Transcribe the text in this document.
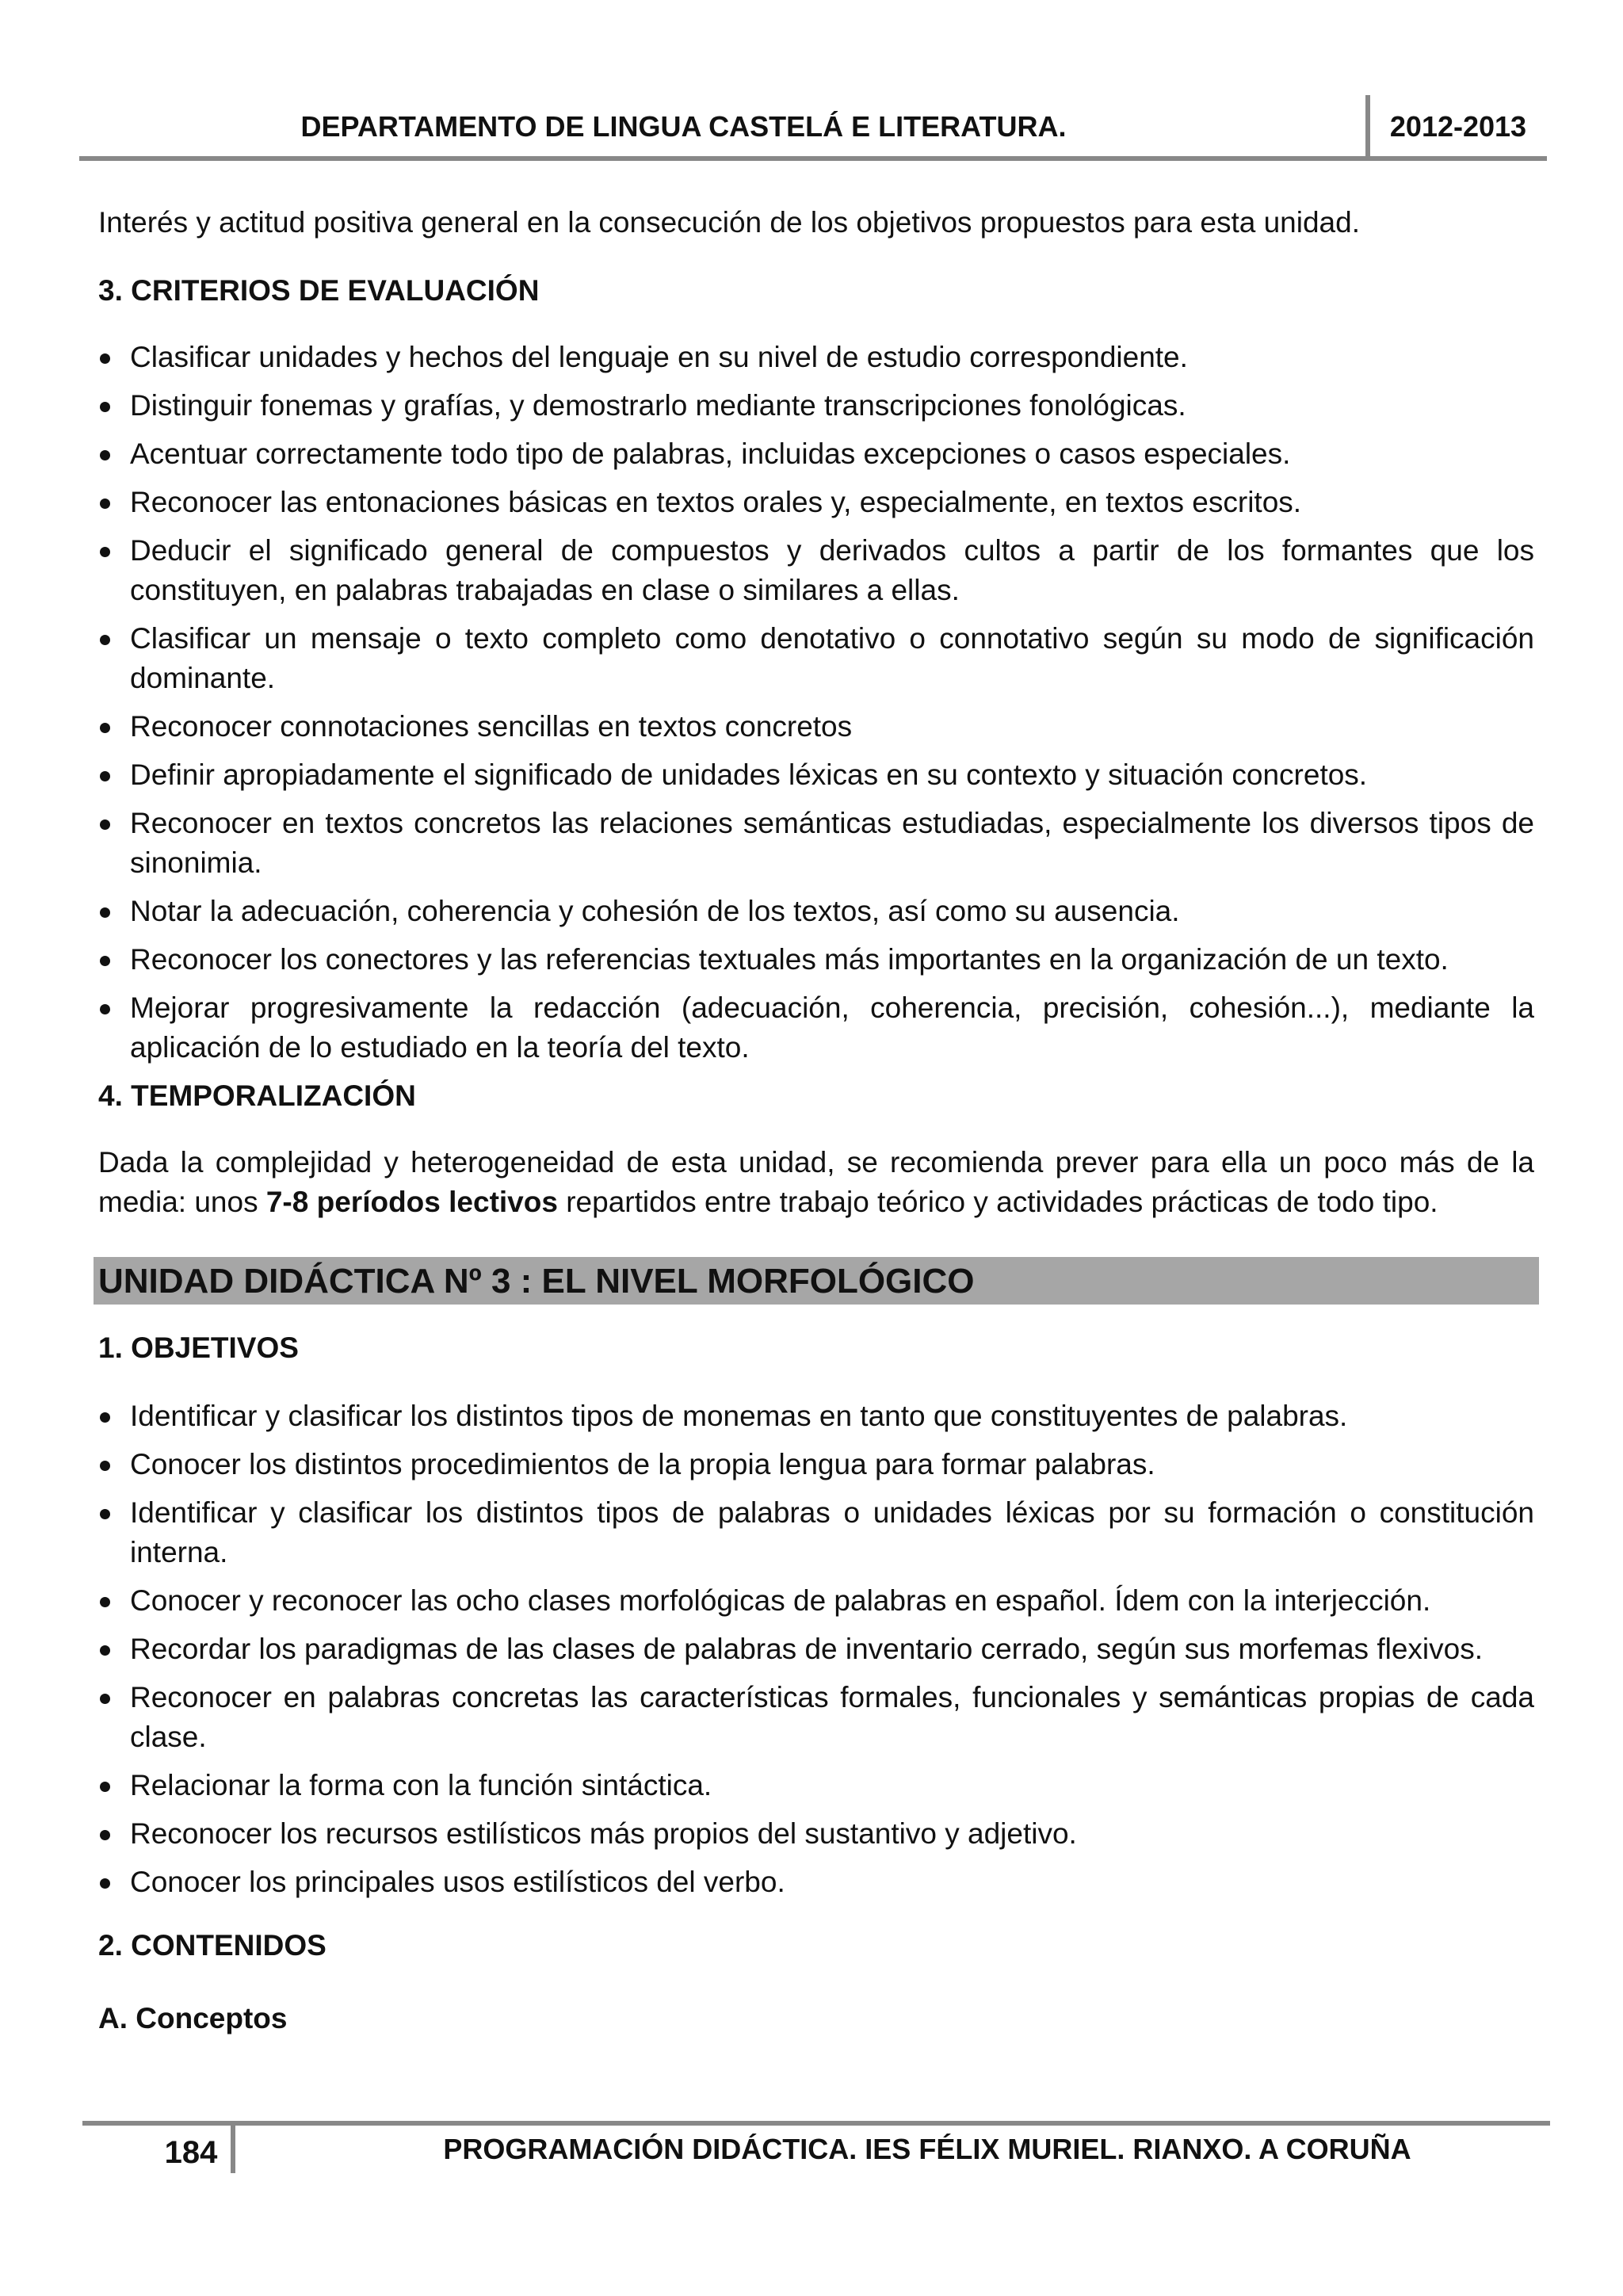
DEPARTAMENTO DE LINGUA CASTELÁ E LITERATURA.	2012-2013

Interés y actitud positiva general en la consecución de los objetivos propuestos para esta unidad.

3. CRITERIOS DE EVALUACIÓN

Clasificar unidades y hechos del lenguaje en su nivel de estudio correspondiente.
Distinguir fonemas y grafías, y demostrarlo mediante transcripciones fonológicas.
Acentuar correctamente todo tipo de palabras, incluidas excepciones o casos especiales.
Reconocer las entonaciones básicas en textos orales y, especialmente, en textos escritos.
Deducir el significado general de compuestos y derivados cultos a partir de los formantes que los constituyen, en palabras trabajadas en clase o similares a ellas.
Clasificar un mensaje o texto completo como denotativo o connotativo según su modo de significación dominante.
Reconocer connotaciones sencillas en textos concretos
Definir apropiadamente el significado de unidades léxicas en su contexto y situación concretos.
Reconocer en textos concretos las relaciones semánticas estudiadas, especialmente los diversos tipos de sinonimia.
Notar la adecuación, coherencia y cohesión de los textos, así como su ausencia.
Reconocer los conectores y las referencias textuales más importantes en la organización de un texto.
Mejorar progresivamente la redacción (adecuación, coherencia, precisión, cohesión...), mediante la aplicación de lo estudiado en la teoría del texto.

4. TEMPORALIZACIÓN

Dada la complejidad y heterogeneidad de esta unidad, se recomienda prever para ella un poco más de la media: unos 7-8 períodos lectivos repartidos entre trabajo teórico y actividades prácticas de todo tipo.

UNIDAD DIDÁCTICA Nº 3 : EL NIVEL MORFOLÓGICO

1. OBJETIVOS

Identificar y clasificar los distintos tipos de monemas en tanto que constituyentes de palabras.
Conocer los distintos procedimientos de la propia lengua para formar palabras.
Identificar y clasificar los distintos tipos de palabras o unidades léxicas por su formación o constitución interna.
Conocer y reconocer las ocho clases morfológicas de palabras en español. Ídem con la interjección.
Recordar los paradigmas de las clases de palabras de inventario cerrado, según sus morfemas flexivos.
Reconocer en palabras concretas las características formales, funcionales y semánticas propias de cada clase.
Relacionar la forma con la función sintáctica.
Reconocer los recursos estilísticos más propios del sustantivo y adjetivo.
Conocer los principales usos estilísticos del verbo.

2. CONTENIDOS

A. Conceptos

184	PROGRAMACIÓN DIDÁCTICA. IES FÉLIX MURIEL. RIANXO. A CORUÑA
